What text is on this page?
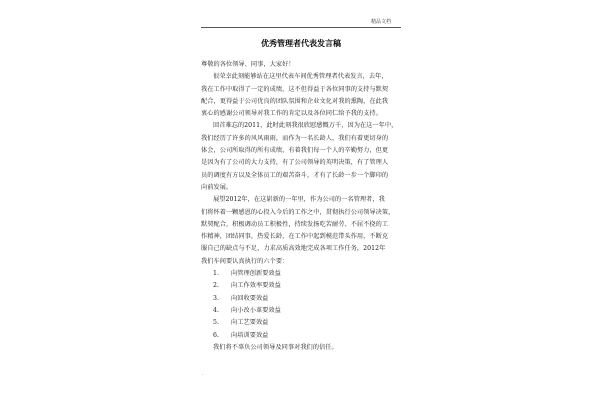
精品文档
优秀管理者代表发言稿
尊敬的各位领导、同事，大家好！
很荣幸此刻能够站在这里代表车间优秀管理者代表发言，去年，
我在工作中取得了一定的成绩，这不但得益于各位同事的支持与默契
配合，更得益于公司优良的团队氛围和企业文化对我的熏陶，在此我
衷心的感谢公司领导对我工作的肯定以及各位同仁给予我的支持。
回首难忘的2011，此时此刻我很欣慰感慨万千，因为在这一年中，
我们经历了许多的风风雨雨，而作为一名长龄人，我们有着更切身的
体会，公司所取得的所有成绩，有着我们每一个人的辛勤努力，但更
是因为有了公司的大力支持，有了公司领导的英明决策，有了管理人
员的调度有方以及全体员工的艰苦奋斗，才有了长龄一步一个脚印的
向前发展。
展望2012年，在这崭新的一年里，作为公司的一名管理者，我
们将怀着一颗感恩的心投入今后的工作之中，贯彻执行公司领导决策，
默契配合，积极调动员工积极性，持续发扬吃苦耐劳、不屈不挠的工
作精神，团结同事，热爱长龄，在工作中起到模范带头作用，不断克
服自己的缺点与不足，力求高质高效地完成各项工作任务，2012年
我们车间要认真执行的六个要：
1. 向管理创新要效益
2. 向工作效率要效益
3. 向回收要效益
4. 向小改小革要效益
5. 向工艺要效益
6. 向培训要效益
我们将不辜负公司领导及同事对我们的信任。
·
